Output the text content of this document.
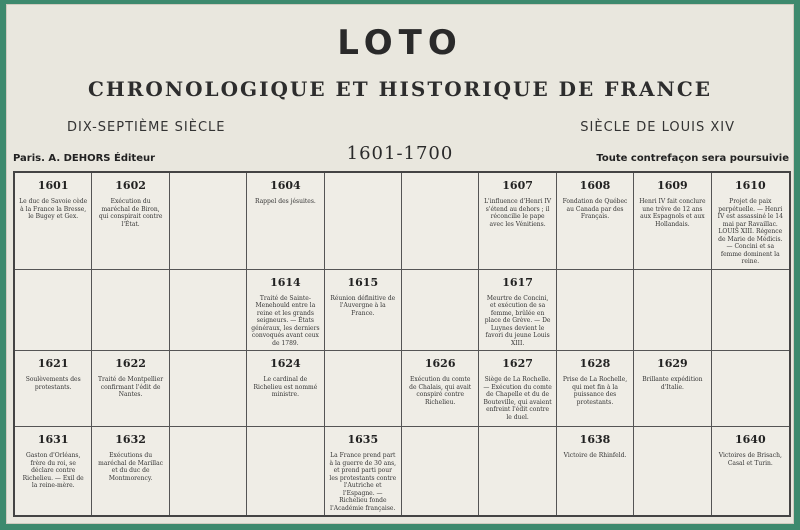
LOTO
CHRONOLOGIQUE ET HISTORIQUE DE FRANCE
DIX-SEPTIÈME SIÈCLE	SIÈCLE DE LOUIS XIV
1601-1700
Paris. A. DEHORS Éditeur	Toute contrefaçon sera poursuivie
1601
Le duc de Savoie cède à la France la Bresse, le Bugey et Gex.
1602
Exécution du maréchal de Biron, qui conspirait contre l'État.
1604
Rappel des jésuites.
1607
L'influence d'Henri IV s'étend au dehors ; il réconcilie le pape avec les Vénitiens.
1608
Fondation de Québec au Canada par des Français.
1609
Henri IV fait conclure une trêve de 12 ans aux Espagnols et aux Hollandais.
1610
Projet de paix perpétuelle. — Henri IV est assassiné le 14 mai par Ravaillac. LOUIS XIII. Régence de Marie de Médicis. — Concini et sa femme dominent la reine.
1614
Traité de Sainte-Menehould entre la reine et les grands seigneurs. — États généraux, les derniers convoqués avant ceux de 1789.
1615
Réunion définitive de l'Auvergne à la France.
1617
Meurtre de Concini, et exécution de sa femme, brûlée en place de Grève. — De Luynes devient le favori du jeune Louis XIII.
1621
Soulèvements des protestants.
1622
Traité de Montpellier confirmant l'édit de Nantes.
1624
Le cardinal de Richelieu est nommé ministre.
1626
Exécution du comte de Chalais, qui avait conspiré contre Richelieu.
1627
Siège de La Rochelle. — Exécution du comte de Chapelle et du de Bouteville, qui avaient enfreint l'édit contre le duel.
1628
Prise de La Rochelle, qui met fin à la puissance des protestants.
1629
Brillante expédition d'Italie.
1631
Gaston d'Orléans, frère du roi, se déclare contre Richelieu. — Exil de la reine-mère.
1632
Exécutions du maréchal de Marillac et du duc de Montmorency.
1635
La France prend part à la guerre de 30 ans, et prend parti pour les protestants contre l'Autriche et l'Espagne. — Richelieu fonde l'Académie française.
1638
Victoire de Rhinfeld.
1640
Victoires de Brisach, Casal et Turin.
